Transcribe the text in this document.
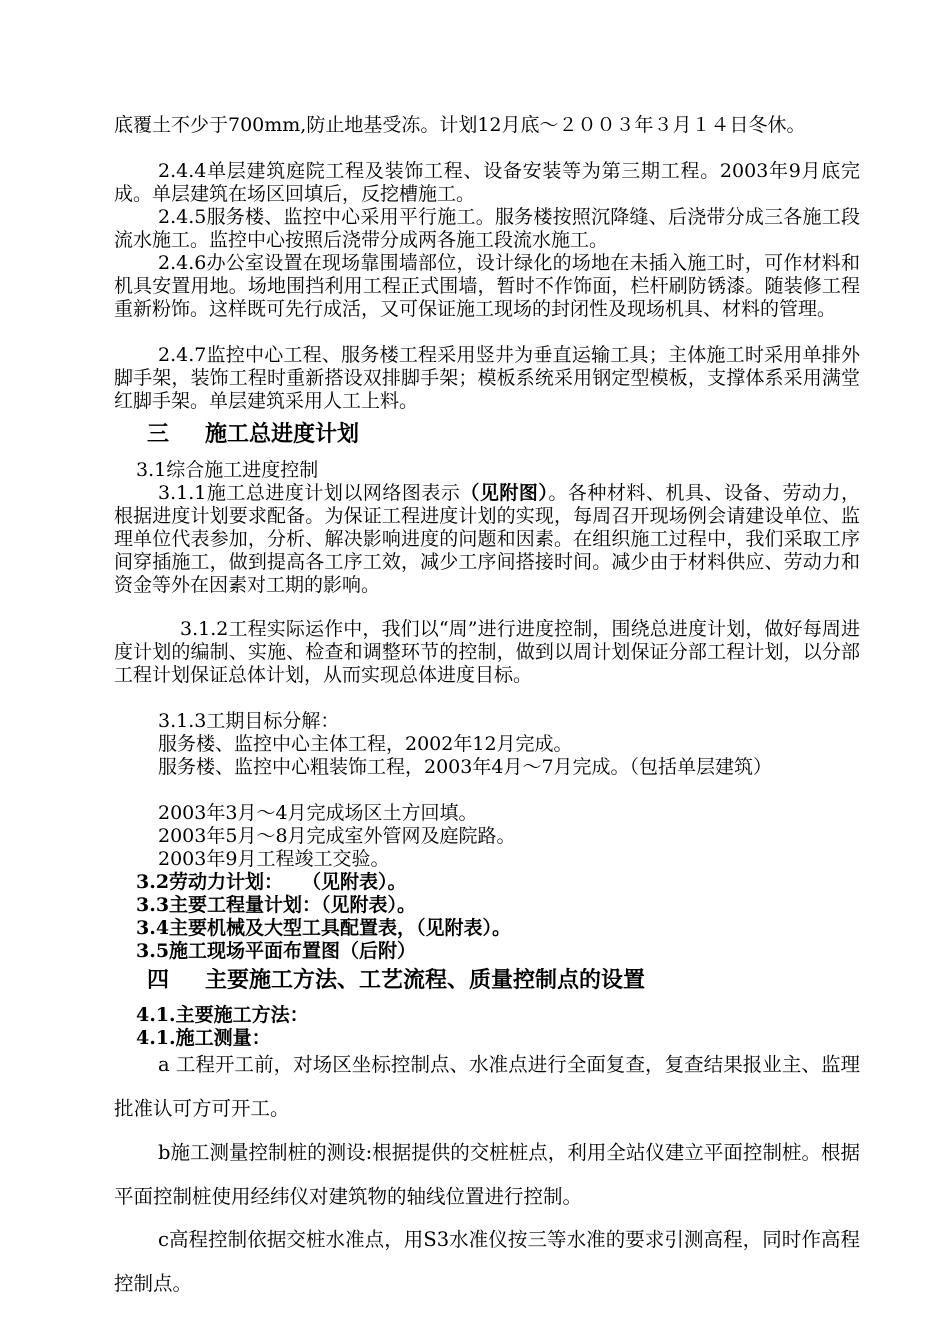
底覆土不少于700mm,防止地基受冻。计划12月底～２００３年３月１４日冬休。

2.4.4单层建筑庭院工程及装饰工程、设备安装等为第三期工程。2003年9月底完成。单层建筑在场区回填后，反挖槽施工。

2.4.5服务楼、监控中心采用平行施工。服务楼按照沉降缝、后浇带分成三各施工段流水施工。监控中心按照后浇带分成两各施工段流水施工。

2.4.6办公室设置在现场靠围墙部位，设计绿化的场地在未插入施工时，可作材料和机具安置用地。场地围挡利用工程正式围墙，暂时不作饰面，栏杆刷防锈漆。随装修工程重新粉饰。这样既可先行成活，又可保证施工现场的封闭性及现场机具、材料的管理。

2.4.7监控中心工程、服务楼工程采用竖井为垂直运输工具；主体施工时采用单排外脚手架，装饰工程时重新搭设双排脚手架；模板系统采用钢定型模板，支撑体系采用满堂红脚手架。单层建筑采用人工上料。

三 施工总进度计划

3.1综合施工进度控制

3.1.1施工总进度计划以网络图表示（见附图）。各种材料、机具、设备、劳动力，根据进度计划要求配备。为保证工程进度计划的实现，每周召开现场例会请建设单位、监理单位代表参加，分析、解决影响进度的问题和因素。在组织施工过程中，我们采取工序间穿插施工，做到提高各工序工效，减少工序间搭接时间。减少由于材料供应、劳动力和资金等外在因素对工期的影响。

3.1.2工程实际运作中，我们以“周”进行进度控制，围绕总进度计划，做好每周进度计划的编制、实施、检查和调整环节的控制，做到以周计划保证分部工程计划，以分部工程计划保证总体计划，从而实现总体进度目标。

3.1.3工期目标分解：

服务楼、监控中心主体工程，2002年12月完成。

服务楼、监控中心粗装饰工程，2003年4月～7月完成。（包括单层建筑）

2003年3月～4月完成场区土方回填。

2003年5月～8月完成室外管网及庭院路。

2003年9月工程竣工交验。

3.2劳动力计划：　　（见附表）。

3.3主要工程量计划：（见附表）。

3.4主要机械及大型工具配置表，（见附表）。

3.5施工现场平面布置图（后附）

四 主要施工方法、工艺流程、质量控制点的设置

4.1.主要施工方法：

4.1.施工测量：

a 工程开工前，对场区坐标控制点、水准点进行全面复查，复查结果报业主、监理批准认可方可开工。

b施工测量控制桩的测设:根据提供的交桩桩点，利用全站仪建立平面控制桩。根据平面控制桩使用经纬仪对建筑物的轴线位置进行控制。

c高程控制依据交桩水准点，用S3水准仪按三等水准的要求引测高程，同时作高程控制点。
